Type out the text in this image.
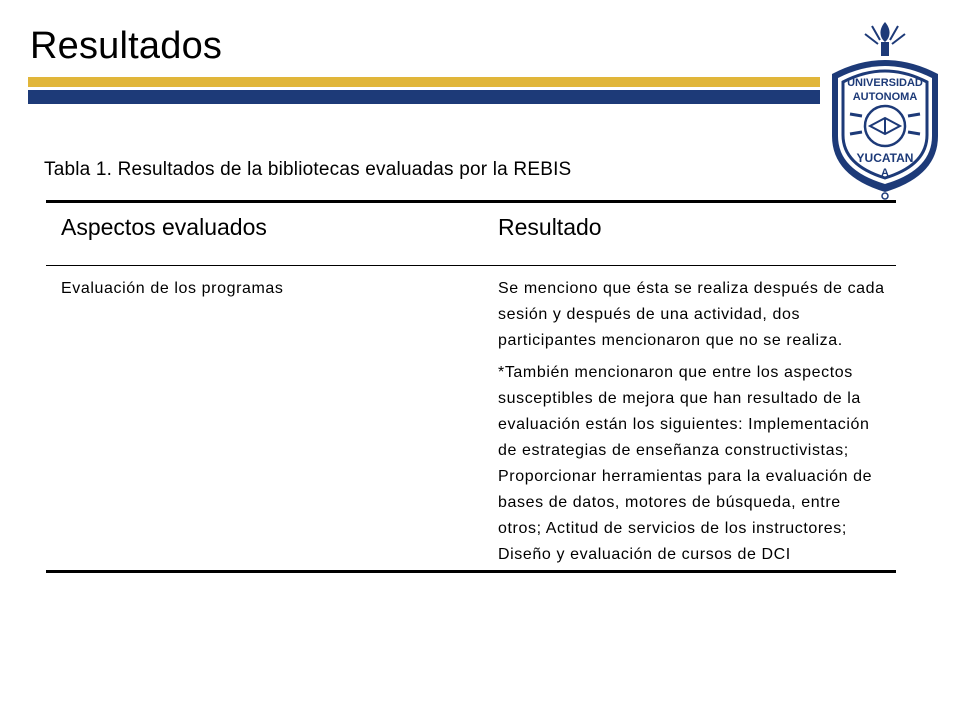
Resultados
UNIVERSIDAD
AUTONOMA
YUCATAN
A
Tabla 1. Resultados de la bibliotecas evaluadas por la REBIS
Aspectos evaluados	Resultado
Evaluación de los programas	Se menciono que ésta se realiza después de cada sesión y después de una actividad, dos participantes mencionaron que no se realiza.

*También mencionaron que entre los aspectos susceptibles de mejora que han resultado de la evaluación están los siguientes: Implementación de estrategias de enseñanza constructivistas; Proporcionar herramientas para la evaluación de bases de datos, motores de búsqueda, entre otros; Actitud de servicios de los instructores; Diseño y evaluación de cursos de DCI
